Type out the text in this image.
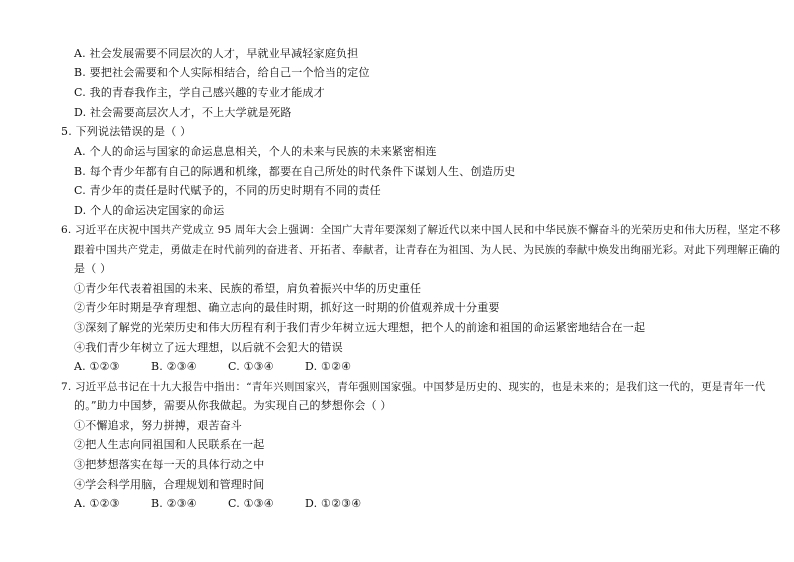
A. 社会发展需要不同层次的人才，早就业早减轻家庭负担
B. 要把社会需要和个人实际相结合，给自己一个恰当的定位
C. 我的青春我作主，学自己感兴趣的专业才能成才
D. 社会需要高层次人才，不上大学就是死路
5. 下列说法错误的是（ ）
A. 个人的命运与国家的命运息息相关，个人的未来与民族的未来紧密相连
B. 每个青少年都有自己的际遇和机缘，都要在自己所处的时代条件下谋划人生、创造历史
C. 青少年的责任是时代赋予的，不同的历史时期有不同的责任
D. 个人的命运决定国家的命运
6. 习近平在庆祝中国共产党成立 95 周年大会上强调：全国广大青年要深刻了解近代以来中国人民和中华民族不懈奋斗的光荣历史和伟大历程，坚定不移
跟着中国共产党走，勇做走在时代前列的奋进者、开拓者、奉献者，让青春在为祖国、为人民、为民族的奉献中焕发出绚丽光彩。对此下列理解正确的
是（ ）
①青少年代表着祖国的未来、民族的希望，肩负着振兴中华的历史重任
②青少年时期是孕育理想、确立志向的最佳时期，抓好这一时期的价值观养成十分重要
③深刻了解党的光荣历史和伟大历程有利于我们青少年树立远大理想，把个人的前途和祖国的命运紧密地结合在一起
④我们青少年树立了远大理想，以后就不会犯大的错误
A. ①②③	B. ②③④	C. ①③④	D. ①②④
7. 习近平总书记在十九大报告中指出：“青年兴则国家兴，青年强则国家强。中国梦是历史的、现实的，也是未来的；是我们这一代的，更是青年一代
的。”助力中国梦，需要从你我做起。为实现自己的梦想你会（ ）
①不懈追求，努力拼搏，艰苦奋斗
②把人生志向同祖国和人民联系在一起
③把梦想落实在每一天的具体行动之中
④学会科学用脑，合理规划和管理时间
A. ①②③	B. ②③④	C. ①③④	D. ①②③④
